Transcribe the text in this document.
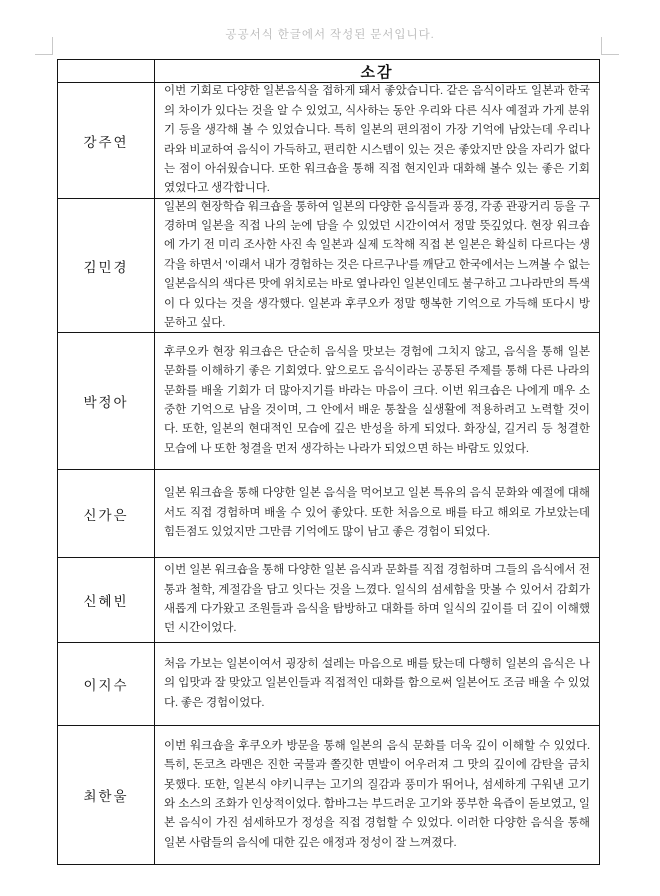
공공서식 한글에서 작성된 문서입니다.
소감
강주연

이번 기회로 다양한 일본음식을 접하게 돼서 좋았습니다. 같은 음식이라도 일본과 한국의 차이가 있다는 것을 알 수 있었고, 식사하는 동안 우리와 다른 식사 예절과 가게 분위기 등을 생각해 볼 수 있었습니다. 특히 일본의 편의점이 가장 기억에 남았는데 우리나라와 비교하여 음식이 가득하고, 편리한 시스템이 있는 것은 좋았지만 앉을 자리가 없다는 점이 아쉬웠습니다. 또한 워크숍을 통해 직접 현지인과 대화해 볼수 있는 좋은 기회였었다고 생각합니다.

김민경

일본의 현장학습 워크숍을 통하여 일본의 다양한 음식들과 풍경, 각종 관광거리 등을 구경하며 일본을 직접 나의 눈에 담을 수 있었던 시간이여서 정말 뜻깊었다. 현장 워크숍에 가기 전 미리 조사한 사진 속 일본과 실제 도착해 직접 본 일본은 확실히 다르다는 생각을 하면서 '이래서 내가 경험하는 것은 다르구나'를 깨닫고 한국에서는 느껴볼 수 없는 일본음식의 색다른 맛에 위치로는 바로 옆나라인 일본인데도 불구하고 그나라만의 특색이 다 있다는 것을 생각했다. 일본과 후쿠오카 정말 행복한 기억으로 가득해 또다시 방문하고 싶다.

박정아

후쿠오카 현장 워크숍은 단순히 음식을 맛보는 경험에 그치지 않고, 음식을 통해 일본 문화를 이해하기 좋은 기회였다. 앞으로도 음식이라는 공통된 주제를 통해 다른 나라의 문화를 배울 기회가 더 많아지기를 바라는 마음이 크다. 이번 워크숍은 나에게 매우 소중한 기억으로 남을 것이며, 그 안에서 배운 통찰을 실생활에 적용하려고 노력할 것이다. 또한, 일본의 현대적인 모습에 깊은 반성을 하게 되었다. 화장실, 길거리 등 청결한 모습에 나 또한 청결을 먼저 생각하는 나라가 되었으면 하는 바람도 있었다.

신가은

일본 워크숍을 통해 다양한 일본 음식을 먹어보고 일본 특유의 음식 문화와 예절에 대해서도 직접 경험하며 배울 수 있어 좋았다. 또한 처음으로 배를 타고 해외로 가보았는데 힘든점도 있었지만 그만큼 기억에도 많이 남고 좋은 경험이 되었다.

신혜빈

이번 일본 워크숍을 통해 다양한 일본 음식과 문화를 직접 경험하며 그들의 음식에서 전통과 철학, 계절감을 담고 잇다는 것을 느꼈다. 일식의 섬세함을 맛볼 수 있어서 감회가 새롭게 다가왔고 조원들과 음식을 탐방하고 대화를 하며 일식의 깊이를 더 깊이 이해했던 시간이었다.

이지수

처음 가보는 일본이여서 굉장히 설레는 마음으로 배를 탔는데 다행히 일본의 음식은 나의 입맛과 잘 맞았고 일본인들과 직접적인 대화를 함으로써 일본어도 조금 배울 수 있었다. 좋은 경험이었다.

최한울

이번 워크숍을 후쿠오카 방문을 통해 일본의 음식 문화를 더욱 깊이 이해할 수 있었다. 특히, 돈코츠 라멘은 진한 국물과 쫄깃한 면발이 어우러져 그 맛의 깊이에 감탄을 금치 못했다. 또한, 일본식 야키니쿠는 고기의 질감과 풍미가 뛰어나, 섬세하게 구워낸 고기와 소스의 조화가 인상적이었다. 함바그는 부드러운 고기와 풍부한 육즙이 돋보였고, 일본 음식이 가진 섬세하모가 정성을 직접 경험할 수 있었다. 이러한 다양한 음식을 통해 일본 사람들의 음식에 대한 깊은 애정과 정성이 잘 느껴졌다.
